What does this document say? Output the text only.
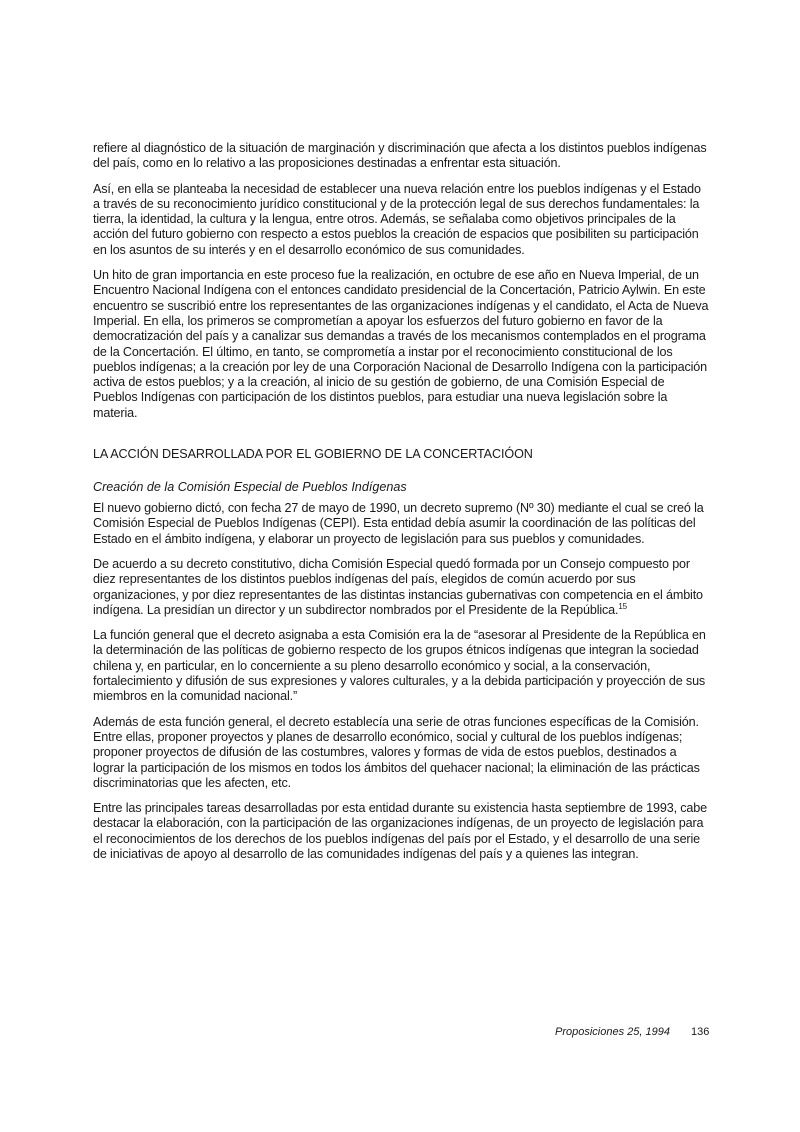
refiere al diagnóstico de la situación de marginación y discriminación que afecta a los distintos pueblos indígenas del país, como en lo relativo a las proposiciones destinadas a enfrentar esta situación.

Así, en ella se planteaba la necesidad de establecer una nueva relación entre los pueblos indígenas y el Estado a través de su reconocimiento jurídico constitucional y de la protección legal de sus derechos fundamentales: la tierra, la identidad, la cultura y la lengua, entre otros. Además, se señalaba como objetivos principales de la acción del futuro gobierno con respecto a estos pueblos la creación de espacios que posibiliten su participación en los asuntos de su interés y en el desarrollo económico de sus comunidades.

Un hito de gran importancia en este proceso fue la realización, en octubre de ese año en Nueva Imperial, de un Encuentro Nacional Indígena con el entonces candidato presidencial de la Concertación, Patricio Aylwin. En este encuentro se suscribió entre los representantes de las organizaciones indígenas y el candidato, el Acta de Nueva Imperial. En ella, los primeros se comprometían a apoyar los esfuerzos del futuro gobierno en favor de la democratización del país y a canalizar sus demandas a través de los mecanismos contemplados en el programa de la Concertación. El último, en tanto, se comprometía a instar por el reconocimiento constitucional de los pueblos indígenas; a la creación por ley de una Corporación Nacional de Desarrollo Indígena con la participación activa de estos pueblos; y a la creación, al inicio de su gestión de gobierno, de una Comisión Especial de Pueblos Indígenas con participación de los distintos pueblos, para estudiar una nueva legislación sobre la materia.

LA ACCIÓN DESARROLLADA POR EL GOBIERNO DE LA CONCERTACIÓON
Creación de la Comisión Especial de Pueblos Indígenas

El nuevo gobierno dictó, con fecha 27 de mayo de 1990, un decreto supremo (Nº 30) mediante el cual se creó la Comisión Especial de Pueblos Indígenas (CEPI). Esta entidad debía asumir la coordinación de las políticas del Estado en el ámbito indígena, y elaborar un proyecto de legislación para sus pueblos y comunidades.

De acuerdo a su decreto constitutivo, dicha Comisión Especial quedó formada por un Consejo compuesto por diez representantes de los distintos pueblos indígenas del país, elegidos de común acuerdo por sus organizaciones, y por diez representantes de las distintas instancias gubernativas con competencia en el ámbito indígena. La presidían un director y un subdirector nombrados por el Presidente de la República.$^{15}$

La función general que el decreto asignaba a esta Comisión era la de “asesorar al Presidente de la República en la determinación de las políticas de gobierno respecto de los grupos étnicos indígenas que integran la sociedad chilena y, en particular, en lo concerniente a su pleno desarrollo económico y social, a la conservación, fortalecimiento y difusión de sus expresiones y valores culturales, y a la debida participación y proyección de sus miembros en la comunidad nacional.”

Además de esta función general, el decreto establecía una serie de otras funciones específicas de la Comisión. Entre ellas, proponer proyectos y planes de desarrollo económico, social y cultural de los pueblos indígenas; proponer proyectos de difusión de las costumbres, valores y formas de vida de estos pueblos, destinados a lograr la participación de los mismos en todos los ámbitos del quehacer nacional; la eliminación de las prácticas discriminatorias que les afecten, etc.

Entre las principales tareas desarrolladas por esta entidad durante su existencia hasta septiembre de 1993, cabe destacar la elaboración, con la participación de las organizaciones indígenas, de un proyecto de legislación para el reconocimientos de los derechos de los pueblos indígenas del país por el Estado, y el desarrollo de una serie de iniciativas de apoyo al desarrollo de las comunidades indígenas del país y a quienes las integran.

Proposiciones 25, 1994 136
